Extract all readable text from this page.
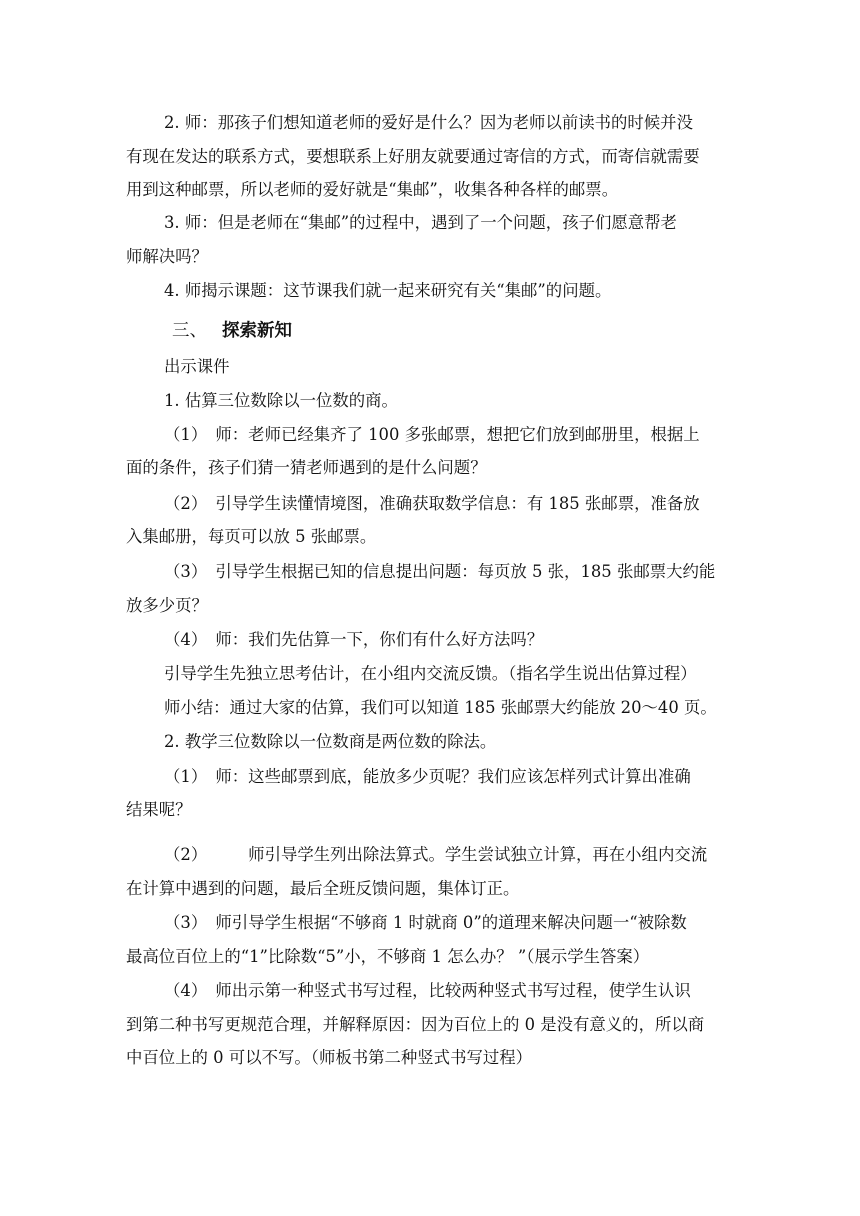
2. 师：那孩子们想知道老师的爱好是什么？因为老师以前读书的时候并没
有现在发达的联系方式，要想联系上好朋友就要通过寄信的方式，而寄信就需要
用到这种邮票，所以老师的爱好就是“集邮”，收集各种各样的邮票。
3. 师：但是老师在“集邮”的过程中，遇到了一个问题，孩子们愿意帮老
师解决吗？
4. 师揭示课题：这节课我们就一起来研究有关“集邮”的问题。
三、 探索新知
出示课件
1. 估算三位数除以一位数的商。
（1）　师：老师已经集齐了 100 多张邮票，想把它们放到邮册里，根据上
面的条件，孩子们猜一猜老师遇到的是什么问题？
（2）　引导学生读懂情境图，准确获取数学信息：有 185 张邮票，准备放
入集邮册，每页可以放 5 张邮票。
（3）　引导学生根据已知的信息提出问题：每页放 5 张，185 张邮票大约能
放多少页？
（4）　师：我们先估算一下，你们有什么好方法吗？
引导学生先独立思考估计，在小组内交流反馈。（指名学生说出估算过程）
师小结：通过大家的估算，我们可以知道 185 张邮票大约能放 20～40 页。
2. 教学三位数除以一位数商是两位数的除法。
（1）　师：这些邮票到底，能放多少页呢？我们应该怎样列式计算出准确
结果呢？
（2）　　　师引导学生列出除法算式。学生尝试独立计算，再在小组内交流
在计算中遇到的问题，最后全班反馈问题，集体订正。
（3）　师引导学生根据“不够商 1 时就商 0”的道理来解决问题一“被除数
最高位百位上的“1”比除数“5”小，不够商 1 怎么办？ ”（展示学生答案）
（4）　师出示第一种竖式书写过程，比较两种竖式书写过程，使学生认识
到第二种书写更规范合理，并解释原因：因为百位上的 0 是没有意义的，所以商
中百位上的 0 可以不写。（师板书第二种竖式书写过程）
